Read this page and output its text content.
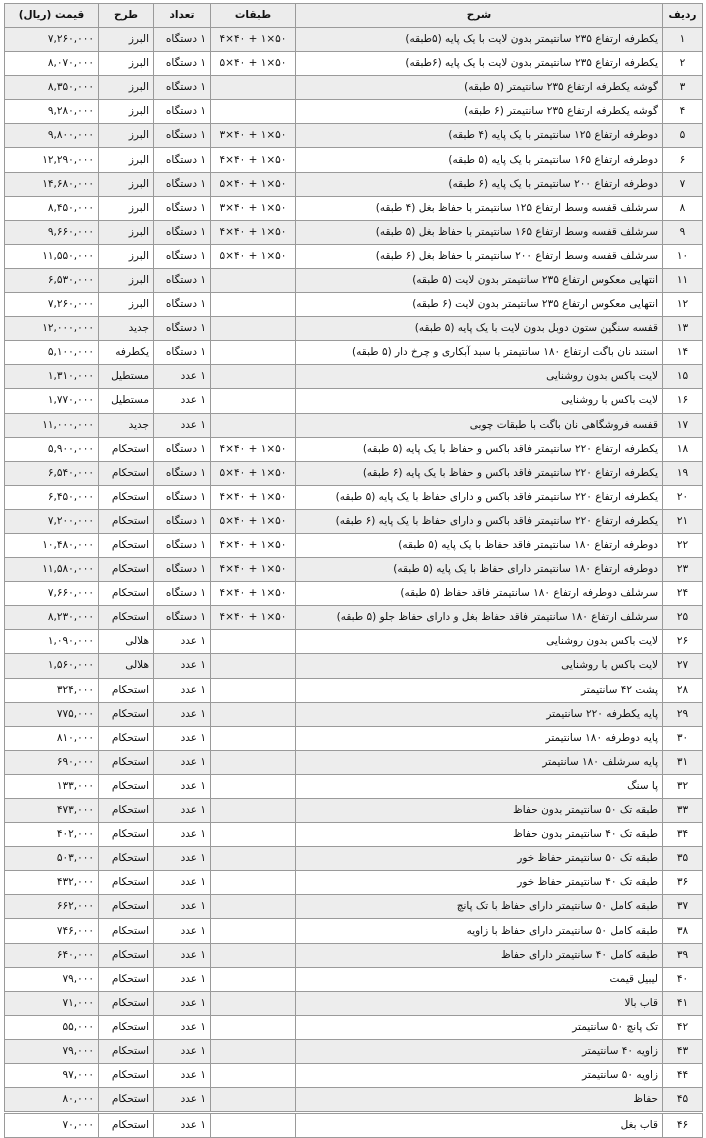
ردیف	شرح	طبقات	تعداد	طرح	قیمت (ریال)
۱	یکطرفه ارتفاع ۲۳۵ سانتیمتر بدون لایت با یک پایه (۵طبقه)	۴×۴۰ + ۱×۵۰	۱ دستگاه	البرز	۷,۲۶۰,۰۰۰
۲	یکطرفه ارتفاع ۲۳۵ سانتیمتر بدون لایت با یک پایه (۶طبقه)	۵×۴۰ + ۱×۵۰	۱ دستگاه	البرز	۸,۰۷۰,۰۰۰
۳	گوشه یکطرفه ارتفاع ۲۳۵ سانتیمتر (۵ طبقه)		۱ دستگاه	البرز	۸,۳۵۰,۰۰۰
۴	گوشه یکطرفه ارتفاع ۲۳۵ سانتیمتر (۶ طبقه)		۱ دستگاه	البرز	۹,۲۸۰,۰۰۰
۵	دوطرفه ارتفاع ۱۲۵ سانتیمتر با یک پایه (۴ طبقه)	۳×۴۰ + ۱×۵۰	۱ دستگاه	البرز	۹,۸۰۰,۰۰۰
۶	دوطرفه ارتفاع ۱۶۵ سانتیمتر با یک پایه (۵ طبقه)	۴×۴۰ + ۱×۵۰	۱ دستگاه	البرز	۱۲,۲۹۰,۰۰۰
۷	دوطرفه ارتفاع ۲۰۰ سانتیمتر با یک پایه (۶ طبقه)	۵×۴۰ + ۱×۵۰	۱ دستگاه	البرز	۱۴,۶۸۰,۰۰۰
۸	سرشلف قفسه وسط ارتفاع ۱۲۵ سانتیمتر با حفاظ بغل (۴ طبقه)	۳×۴۰ + ۱×۵۰	۱ دستگاه	البرز	۸,۴۵۰,۰۰۰
۹	سرشلف قفسه وسط ارتفاع ۱۶۵ سانتیمتر با حفاظ بغل (۵ طبقه)	۴×۴۰ + ۱×۵۰	۱ دستگاه	البرز	۹,۶۶۰,۰۰۰
۱۰	سرشلف قفسه وسط ارتفاع ۲۰۰ سانتیمتر با حفاظ بغل (۶ طبقه)	۵×۴۰ + ۱×۵۰	۱ دستگاه	البرز	۱۱,۵۵۰,۰۰۰
۱۱	انتهایی معکوس ارتفاع ۲۳۵ سانتیمتر بدون لایت (۵ طبقه)		۱ دستگاه	البرز	۶,۵۳۰,۰۰۰
۱۲	انتهایی معکوس ارتفاع ۲۳۵ سانتیمتر بدون لایت (۶ طبقه)		۱ دستگاه	البرز	۷,۲۶۰,۰۰۰
۱۳	قفسه سنگین ستون دوبل بدون لایت با یک پایه (۵ طبقه)		۱ دستگاه	جدید	۱۲,۰۰۰,۰۰۰
۱۴	استند نان باگت ارتفاع ۱۸۰ سانتیمتر با سبد آبکاری و چرخ دار (۵ طبقه)		۱ دستگاه	یکطرفه	۵,۱۰۰,۰۰۰
۱۵	لایت باکس بدون روشنایی		۱ عدد	مستطیل	۱,۳۱۰,۰۰۰
۱۶	لایت باکس با روشنایی		۱ عدد	مستطیل	۱,۷۷۰,۰۰۰
۱۷	قفسه فروشگاهی نان باگت با طبقات چوبی		۱ عدد	جدید	۱۱,۰۰۰,۰۰۰
۱۸	یکطرفه ارتفاع ۲۲۰ سانتیمتر فاقد باکس و حفاظ با یک پایه (۵ طبقه)	۴×۴۰ + ۱×۵۰	۱ دستگاه	استحکام	۵,۹۰۰,۰۰۰
۱۹	یکطرفه ارتفاع ۲۲۰ سانتیمتر فاقد باکس و حفاظ با یک پایه (۶ طبقه)	۵×۴۰ + ۱×۵۰	۱ دستگاه	استحکام	۶,۵۴۰,۰۰۰
۲۰	یکطرفه ارتفاع ۲۲۰ سانتیمتر فاقد باکس و دارای حفاظ با یک پایه (۵ طبقه)	۴×۴۰ + ۱×۵۰	۱ دستگاه	استحکام	۶,۴۵۰,۰۰۰
۲۱	یکطرفه ارتفاع ۲۲۰ سانتیمتر فاقد باکس و دارای حفاظ با یک پایه (۶ طبقه)	۵×۴۰ + ۱×۵۰	۱ دستگاه	استحکام	۷,۲۰۰,۰۰۰
۲۲	دوطرفه ارتفاع ۱۸۰ سانتیمتر فاقد حفاظ با یک پایه (۵ طبقه)	۴×۴۰ + ۱×۵۰	۱ دستگاه	استحکام	۱۰,۴۸۰,۰۰۰
۲۳	دوطرفه ارتفاع ۱۸۰ سانتیمتر دارای حفاظ با یک پایه (۵ طبقه)	۴×۴۰ + ۱×۵۰	۱ دستگاه	استحکام	۱۱,۵۸۰,۰۰۰
۲۴	سرشلف دوطرفه ارتفاع ۱۸۰ سانتیمتر فاقد حفاظ (۵ طبقه)	۴×۴۰ + ۱×۵۰	۱ دستگاه	استحکام	۷,۶۶۰,۰۰۰
۲۵	سرشلف ارتفاع ۱۸۰ سانتیمتر فاقد حفاظ بغل و دارای حفاظ جلو (۵ طبقه)	۴×۴۰ + ۱×۵۰	۱ دستگاه	استحکام	۸,۲۳۰,۰۰۰
۲۶	لایت باکس بدون روشنایی		۱ عدد	هلالی	۱,۰۹۰,۰۰۰
۲۷	لایت باکس با روشنایی		۱ عدد	هلالی	۱,۵۶۰,۰۰۰
۲۸	پشت ۴۲ سانتیمتر		۱ عدد	استحکام	۳۲۴,۰۰۰
۲۹	پایه یکطرفه ۲۲۰ سانتیمتر		۱ عدد	استحکام	۷۷۵,۰۰۰
۳۰	پایه دوطرفه ۱۸۰ سانتیمتر		۱ عدد	استحکام	۸۱۰,۰۰۰
۳۱	پایه سرشلف ۱۸۰ سانتیمتر		۱ عدد	استحکام	۶۹۰,۰۰۰
۳۲	پا سنگ		۱ عدد	استحکام	۱۳۳,۰۰۰
۳۳	طبقه تک ۵۰ سانتیمتر بدون حفاظ		۱ عدد	استحکام	۴۷۳,۰۰۰
۳۴	طبقه تک ۴۰ سانتیمتر بدون حفاظ		۱ عدد	استحکام	۴۰۲,۰۰۰
۳۵	طبقه تک ۵۰ سانتیمتر حفاظ خور		۱ عدد	استحکام	۵۰۳,۰۰۰
۳۶	طبقه تک ۴۰ سانتیمتر حفاظ خور		۱ عدد	استحکام	۴۳۲,۰۰۰
۳۷	طبقه کامل ۵۰ سانتیمتر دارای حفاظ با تک پانچ		۱ عدد	استحکام	۶۶۲,۰۰۰
۳۸	طبقه کامل ۵۰ سانتیمتر دارای حفاظ با زاویه		۱ عدد	استحکام	۷۴۶,۰۰۰
۳۹	طبقه کامل ۴۰ سانتیمتر دارای حفاظ		۱ عدد	استحکام	۶۴۰,۰۰۰
۴۰	لیبیل قیمت		۱ عدد	استحکام	۷۹,۰۰۰
۴۱	قاب بالا		۱ عدد	استحکام	۷۱,۰۰۰
۴۲	تک پانچ ۵۰ سانتیمتر		۱ عدد	استحکام	۵۵,۰۰۰
۴۳	زاویه ۴۰ سانتیمتر		۱ عدد	استحکام	۷۹,۰۰۰
۴۴	زاویه ۵۰ سانتیمتر		۱ عدد	استحکام	۹۷,۰۰۰
۴۵	حفاظ		۱ عدد	استحکام	۸۰,۰۰۰
۴۶	قاب بغل		۱ عدد	استحکام	۷۰,۰۰۰
